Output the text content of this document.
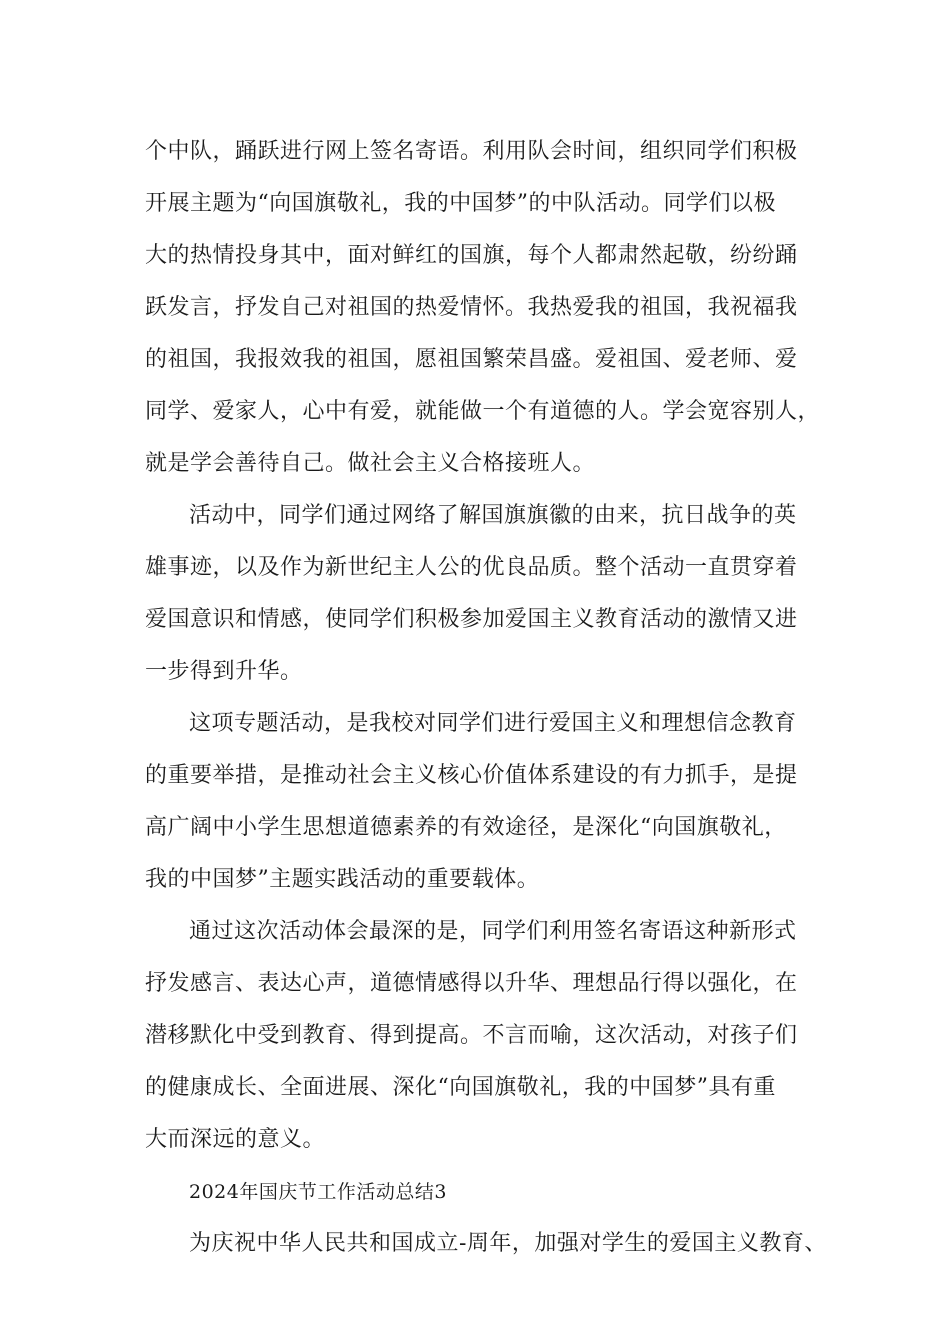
个中队，踊跃进行网上签名寄语。利用队会时间，组织同学们积极
开展主题为“向国旗敬礼，我的中国梦”的中队活动。同学们以极
大的热情投身其中，面对鲜红的国旗，每个人都肃然起敬，纷纷踊
跃发言，抒发自己对祖国的热爱情怀。我热爱我的祖国，我祝福我
的祖国，我报效我的祖国，愿祖国繁荣昌盛。爱祖国、爱老师、爱
同学、爱家人，心中有爱，就能做一个有道德的人。学会宽容别人，
就是学会善待自己。做社会主义合格接班人。
活动中，同学们通过网络了解国旗旗徽的由来，抗日战争的英
雄事迹，以及作为新世纪主人公的优良品质。整个活动一直贯穿着
爱国意识和情感，使同学们积极参加爱国主义教育活动的激情又进
一步得到升华。
这项专题活动，是我校对同学们进行爱国主义和理想信念教育
的重要举措，是推动社会主义核心价值体系建设的有力抓手，是提
高广阔中小学生思想道德素养的有效途径，是深化“向国旗敬礼，
我的中国梦”主题实践活动的重要载体。
通过这次活动体会最深的是，同学们利用签名寄语这种新形式
抒发感言、表达心声，道德情感得以升华、理想品行得以强化，在
潜移默化中受到教育、得到提高。不言而喻，这次活动，对孩子们
的健康成长、全面进展、深化“向国旗敬礼，我的中国梦”具有重
大而深远的意义。
2024年国庆节工作活动总结3
为庆祝中华人民共和国成立-周年，加强对学生的爱国主义教育、
